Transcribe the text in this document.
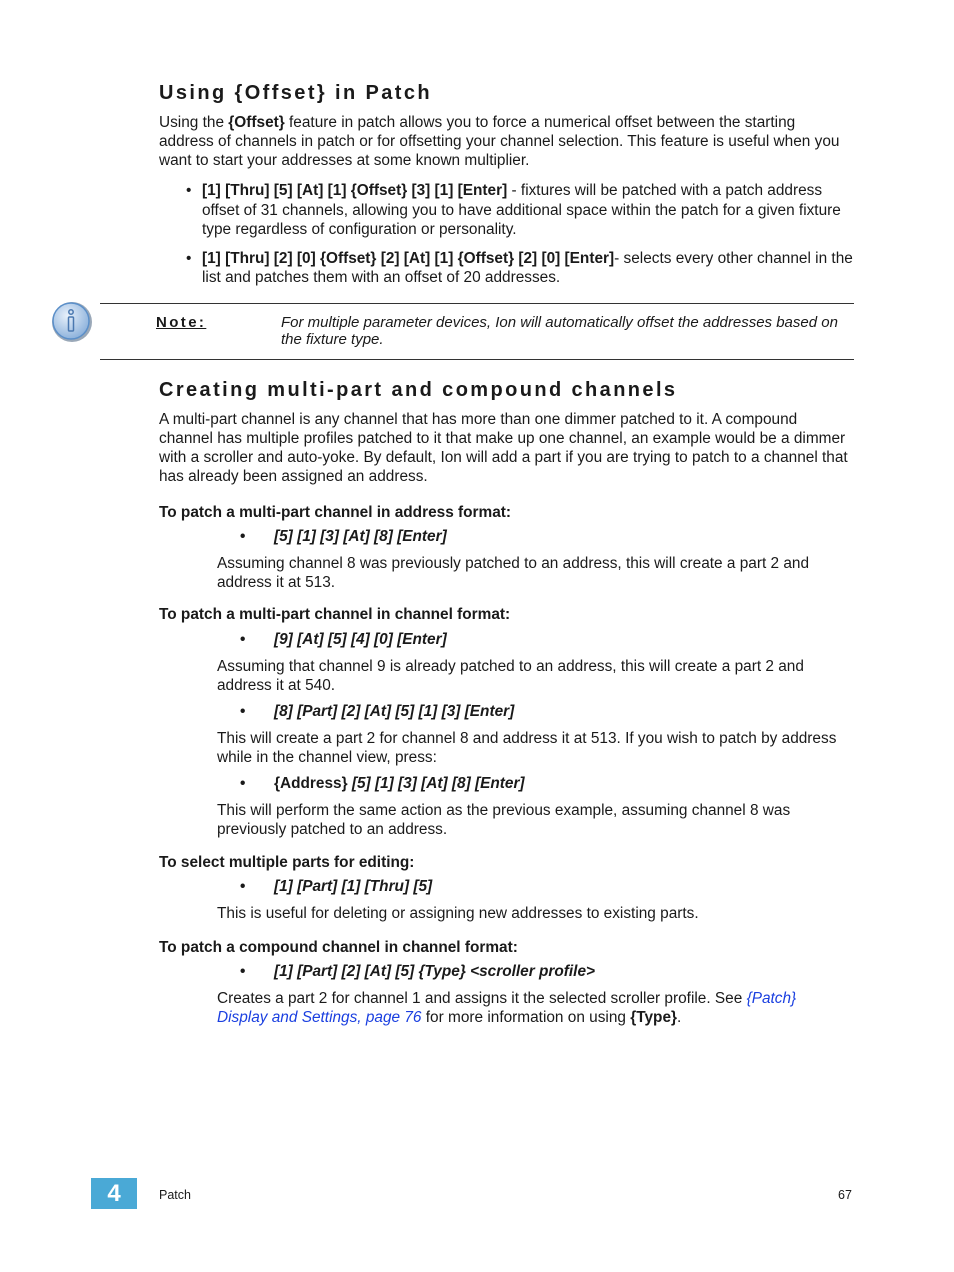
Using {Offset} in Patch

Using the {Offset} feature in patch allows you to force a numerical offset between the starting address of channels in patch or for offsetting your channel selection. This feature is useful when you want to start your addresses at some known multiplier.

• [1] [Thru] [5] [At] [1] {Offset} [3] [1] [Enter] - fixtures will be patched with a patch address offset of 31 channels, allowing you to have additional space within the patch for a given fixture type regardless of configuration or personality.
• [1] [Thru] [2] [0] {Offset} [2] [At] [1] {Offset} [2] [0] [Enter]- selects every other channel in the list and patches them with an offset of 20 addresses.
Note:	For multiple parameter devices, Ion will automatically offset the addresses based on the fixture type.
Creating multi-part and compound channels

A multi-part channel is any channel that has more than one dimmer patched to it. A compound channel has multiple profiles patched to it that make up one channel, an example would be a dimmer with a scroller and auto-yoke. By default, Ion will add a part if you are trying to patch to a channel that has already been assigned an address.

To patch a multi-part channel in address format:
•	[5] [1] [3] [At] [8] [Enter]

Assuming channel 8 was previously patched to an address, this will create a part 2 and address it at 513.

To patch a multi-part channel in channel format:
•	[9] [At] [5] [4] [0] [Enter]

Assuming that channel 9 is already patched to an address, this will create a part 2 and address it at 540.

•	[8] [Part] [2] [At] [5] [1] [3] [Enter]

This will create a part 2 for channel 8 and address it at 513. If you wish to patch by address while in the channel view, press:

•	{Address} [5] [1] [3] [At] [8] [Enter]

This will perform the same action as the previous example, assuming channel 8 was previously patched to an address.

To select multiple parts for editing:
•	[1] [Part] [1] [Thru] [5]

This is useful for deleting or assigning new addresses to existing parts.

To patch a compound channel in channel format:
•	[1] [Part] [2] [At] [5] {Type} <scroller profile>

Creates a part 2 for channel 1 and assigns it the selected scroller profile. See {Patch} Display and Settings, page 76 for more information on using {Type}.

4	Patch	67
